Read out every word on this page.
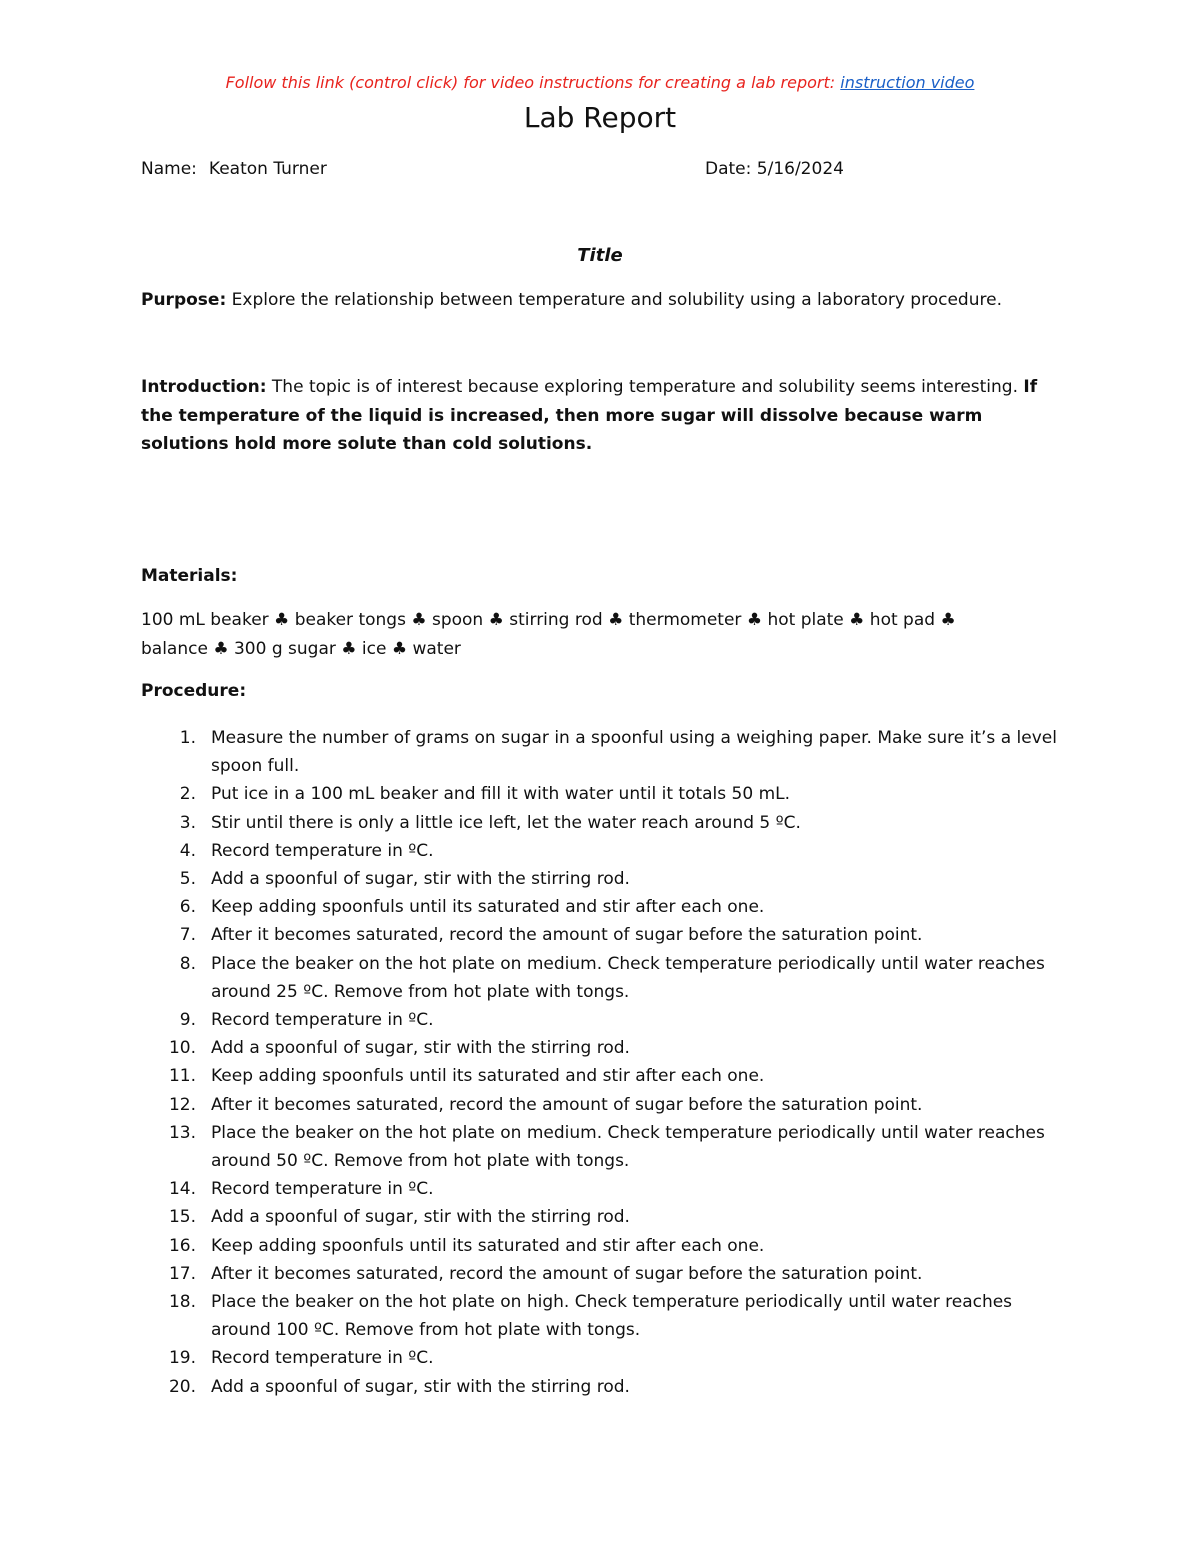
Follow this link (control click) for video instructions for creating a lab report: instruction video
Lab Report
Name: Keaton Turner	Date: 5/16/2024
Title
Purpose: Explore the relationship between temperature and solubility using a laboratory procedure.
Introduction: The topic is of interest because exploring temperature and solubility seems interesting. If the temperature of the liquid is increased, then more sugar will dissolve because warm solutions hold more solute than cold solutions.
Materials:
100 mL beaker ♣ beaker tongs ♣ spoon ♣ stirring rod ♣ thermometer ♣ hot plate ♣ hot pad ♣ balance ♣ 300 g sugar ♣ ice ♣ water
Procedure:
1. Measure the number of grams on sugar in a spoonful using a weighing paper. Make sure it’s a level spoon full.
2. Put ice in a 100 mL beaker and fill it with water until it totals 50 mL.
3. Stir until there is only a little ice left, let the water reach around 5 ºC.
4. Record temperature in ºC.
5. Add a spoonful of sugar, stir with the stirring rod.
6. Keep adding spoonfuls until its saturated and stir after each one.
7. After it becomes saturated, record the amount of sugar before the saturation point.
8. Place the beaker on the hot plate on medium. Check temperature periodically until water reaches around 25 ºC. Remove from hot plate with tongs.
9. Record temperature in ºC.
10. Add a spoonful of sugar, stir with the stirring rod.
11. Keep adding spoonfuls until its saturated and stir after each one.
12. After it becomes saturated, record the amount of sugar before the saturation point.
13. Place the beaker on the hot plate on medium. Check temperature periodically until water reaches around 50 ºC. Remove from hot plate with tongs.
14. Record temperature in ºC.
15. Add a spoonful of sugar, stir with the stirring rod.
16. Keep adding spoonfuls until its saturated and stir after each one.
17. After it becomes saturated, record the amount of sugar before the saturation point.
18. Place the beaker on the hot plate on high. Check temperature periodically until water reaches around 100 ºC. Remove from hot plate with tongs.
19. Record temperature in ºC.
20. Add a spoonful of sugar, stir with the stirring rod.
